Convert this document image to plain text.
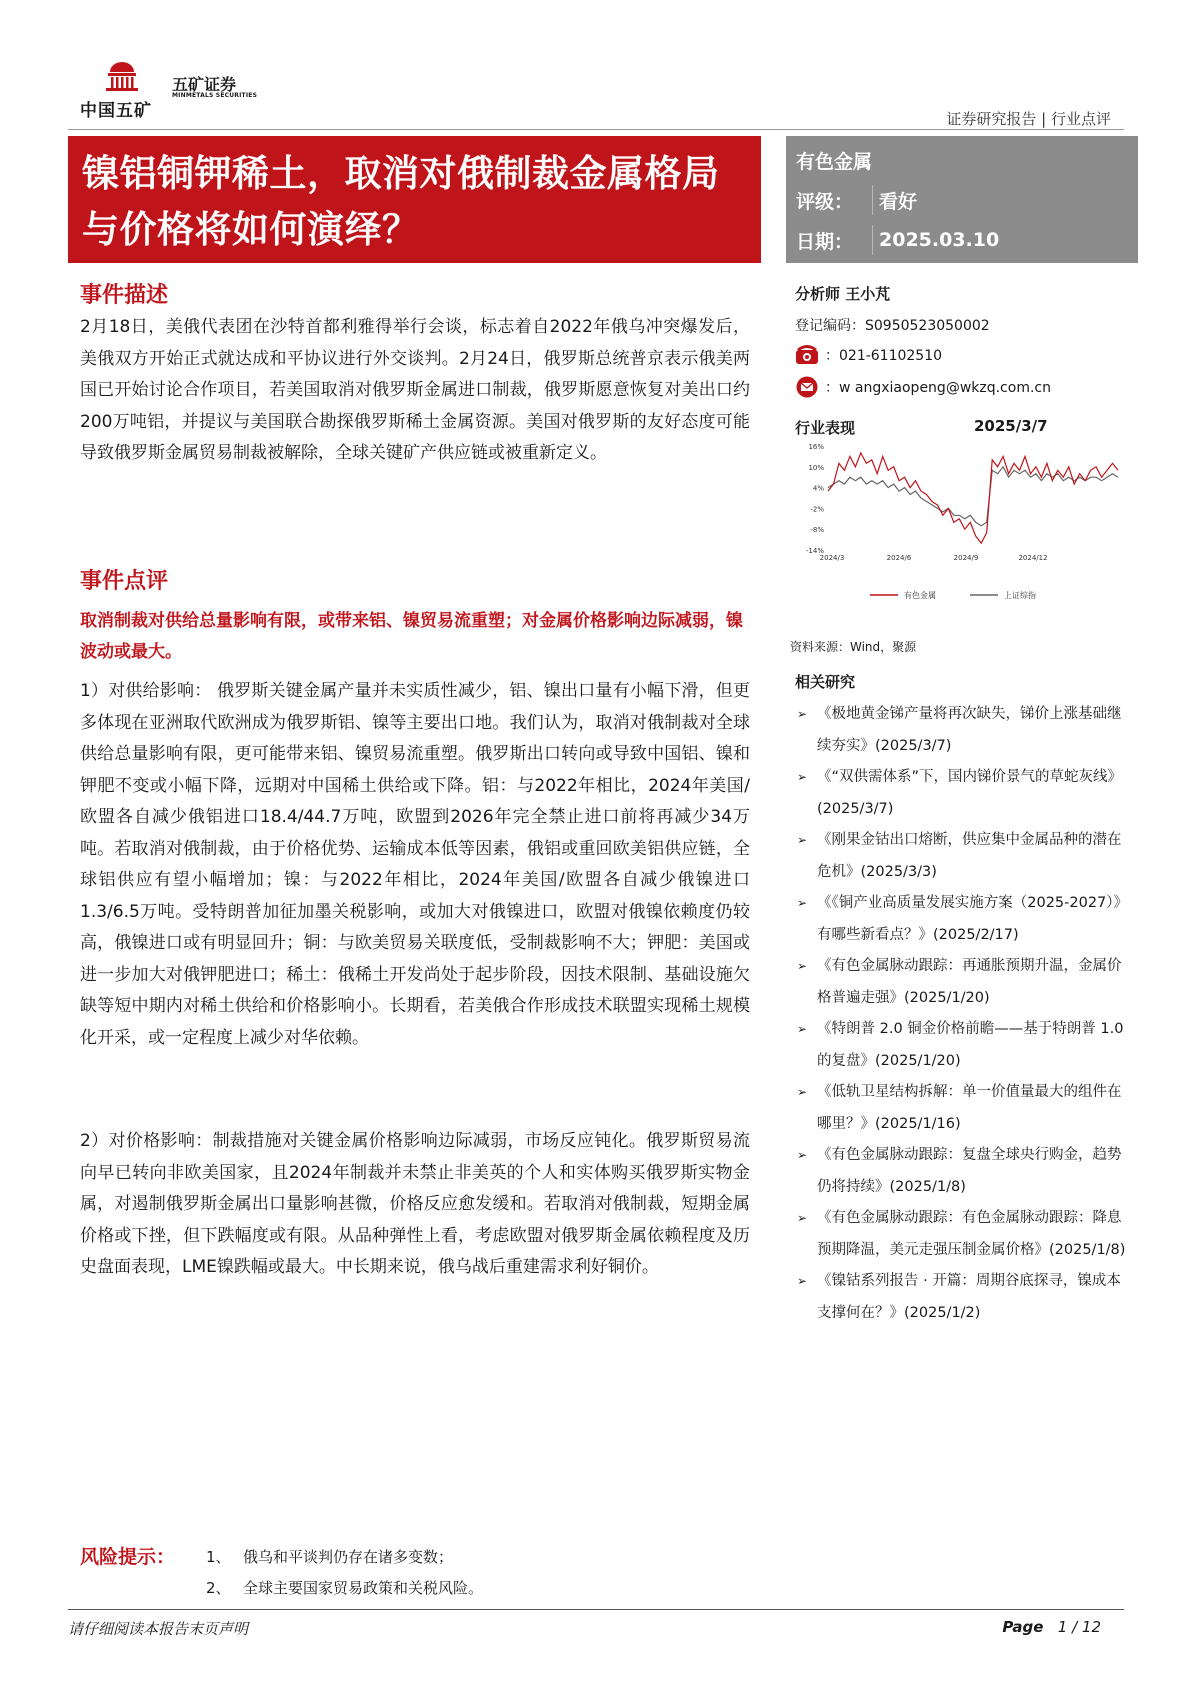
中国五矿
五矿证券
MINMETALS SECURITIES
证券研究报告 | 行业点评
镍铝铜钾稀土，取消对俄制裁金属格局
与价格将如何演绎？
有色金属
评级：	看好
日期：	2025.03.10
事件描述
2月18日，美俄代表团在沙特首都利雅得举行会谈，标志着自2022年俄乌冲突爆发后，美俄双方开始正式就达成和平协议进行外交谈判。2月24日，俄罗斯总统普京表示俄美两国已开始讨论合作项目，若美国取消对俄罗斯金属进口制裁，俄罗斯愿意恢复对美出口约200万吨铝，并提议与美国联合勘探俄罗斯稀土金属资源。美国对俄罗斯的友好态度可能导致俄罗斯金属贸易制裁被解除，全球关键矿产供应链或被重新定义。
事件点评
取消制裁对供给总量影响有限，或带来铝、镍贸易流重塑；对金属价格影响边际减弱，镍波动或最大。
1）对供给影响： 俄罗斯关键金属产量并未实质性减少，铝、镍出口量有小幅下滑，但更多体现在亚洲取代欧洲成为俄罗斯铝、镍等主要出口地。我们认为，取消对俄制裁对全球供给总量影响有限，更可能带来铝、镍贸易流重塑。俄罗斯出口转向或导致中国铝、镍和钾肥不变或小幅下降，远期对中国稀土供给或下降。铝：与2022年相比，2024年美国/欧盟各自减少俄铝进口18.4/44.7万吨，欧盟到2026年完全禁止进口前将再减少34万吨。若取消对俄制裁，由于价格优势、运输成本低等因素，俄铝或重回欧美铝供应链，全球铝供应有望小幅增加；镍：与2022年相比，2024年美国/欧盟各自减少俄镍进口1.3/6.5万吨。受特朗普加征加墨关税影响，或加大对俄镍进口，欧盟对俄镍依赖度仍较高，俄镍进口或有明显回升；铜：与欧美贸易关联度低，受制裁影响不大；钾肥：美国或进一步加大对俄钾肥进口；稀土：俄稀土开发尚处于起步阶段，因技术限制、基础设施欠缺等短中期内对稀土供给和价格影响小。长期看，若美俄合作形成技术联盟实现稀土规模化开采，或一定程度上减少对华依赖。
2）对价格影响：制裁措施对关键金属价格影响边际减弱，市场反应钝化。俄罗斯贸易流向早已转向非欧美国家，且2024年制裁并未禁止非美英的个人和实体购买俄罗斯实物金属，对遏制俄罗斯金属出口量影响甚微，价格反应愈发缓和。若取消对俄制裁，短期金属价格或下挫，但下跌幅度或有限。从品种弹性上看，考虑欧盟对俄罗斯金属依赖程度及历史盘面表现，LME镍跌幅或最大。中长期来说，俄乌战后重建需求利好铜价。
分析师 王小芃
登记编码：S0950523050002
：021-61102510
：w angxiaopeng@wkzq.com.cn
行业表现	2025/3/7
16%
10%
4%
-2%
-8%
-14%
2024/3	2024/6	2024/9	2024/12
有色金属	上证综指
资料来源：Wind，聚源
相关研究
➢ 《极地黄金锑产量将再次缺失，锑价上涨基础继续夯实》(2025/3/7)
➢ 《“双供需体系”下，国内锑价景气的草蛇灰线》(2025/3/7)
➢ 《刚果金钴出口熔断，供应集中金属品种的潜在危机》(2025/3/3)
➢ 《《铜产业高质量发展实施方案（2025-2027）》有哪些新看点？》(2025/2/17)
➢ 《有色金属脉动跟踪：再通胀预期升温，金属价格普遍走强》(2025/1/20)
➢ 《特朗普 2.0 铜金价格前瞻——基于特朗普 1.0 的复盘》(2025/1/20)
➢ 《低轨卫星结构拆解：单一价值量最大的组件在哪里？》(2025/1/16)
➢ 《有色金属脉动跟踪：复盘全球央行购金，趋势仍将持续》(2025/1/8)
➢ 《有色金属脉动跟踪：有色金属脉动跟踪：降息预期降温，美元走强压制金属价格》(2025/1/8)
➢ 《镍钴系列报告 · 开篇：周期谷底探寻，镍成本支撑何在？》(2025/1/2)
风险提示： 1、 俄乌和平谈判仍存在诸多变数；
2、 全球主要国家贸易政策和关税风险。
请仔细阅读本报告末页声明	Page 1 / 12
